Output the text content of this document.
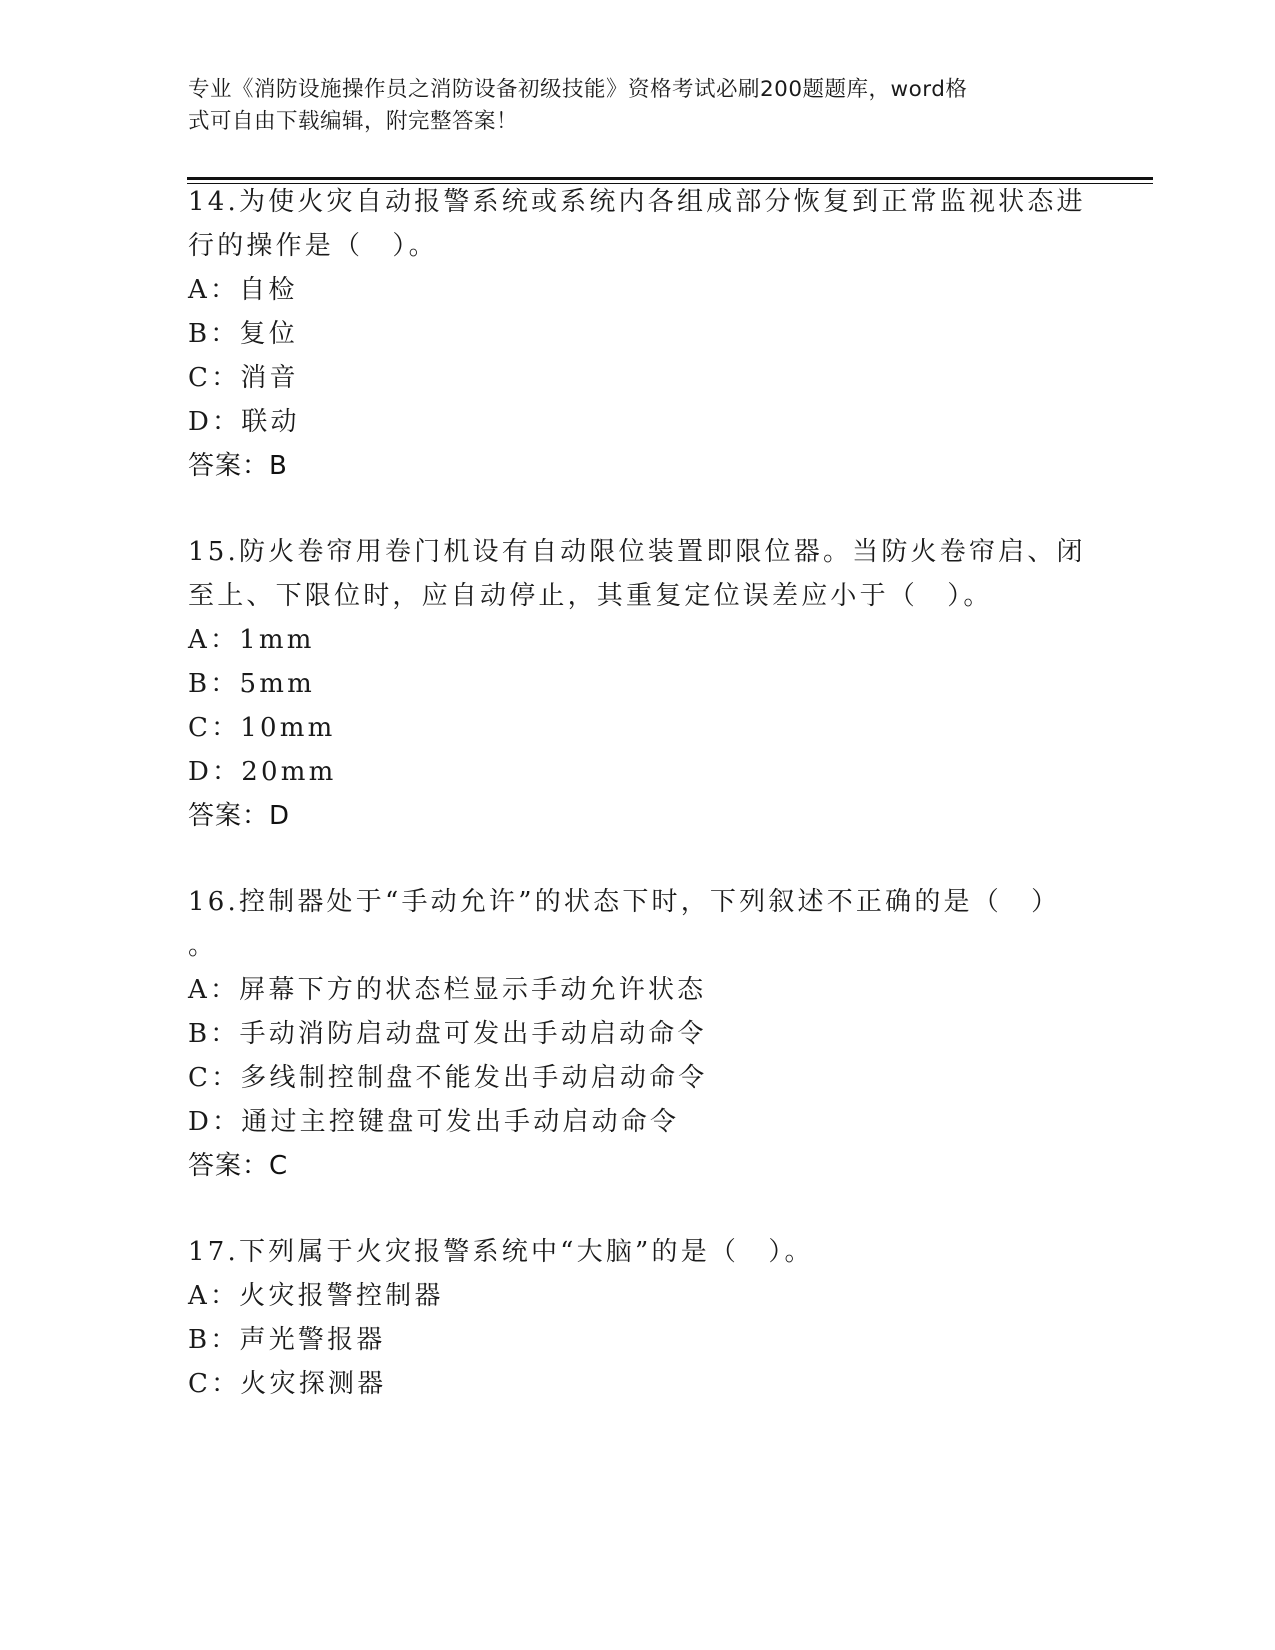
专业《消防设施操作员之消防设备初级技能》资格考试必刷200题题库，word格
式可自由下载编辑，附完整答案！
14.为使火灾自动报警系统或系统内各组成部分恢复到正常监视状态进
行的操作是（　）。
A：自检
B：复位
C：消音
D：联动
答案：B
15.防火卷帘用卷门机设有自动限位装置即限位器。当防火卷帘启、闭
至上、下限位时，应自动停止，其重复定位误差应小于（　）。
A：1mm
B：5mm
C：10mm
D：20mm
答案：D
16.控制器处于“手动允许”的状态下时，下列叙述不正确的是（　）
。
A：屏幕下方的状态栏显示手动允许状态
B：手动消防启动盘可发出手动启动命令
C：多线制控制盘不能发出手动启动命令
D：通过主控键盘可发出手动启动命令
答案：C
17.下列属于火灾报警系统中“大脑”的是（　）。
A：火灾报警控制器
B：声光警报器
C：火灾探测器
